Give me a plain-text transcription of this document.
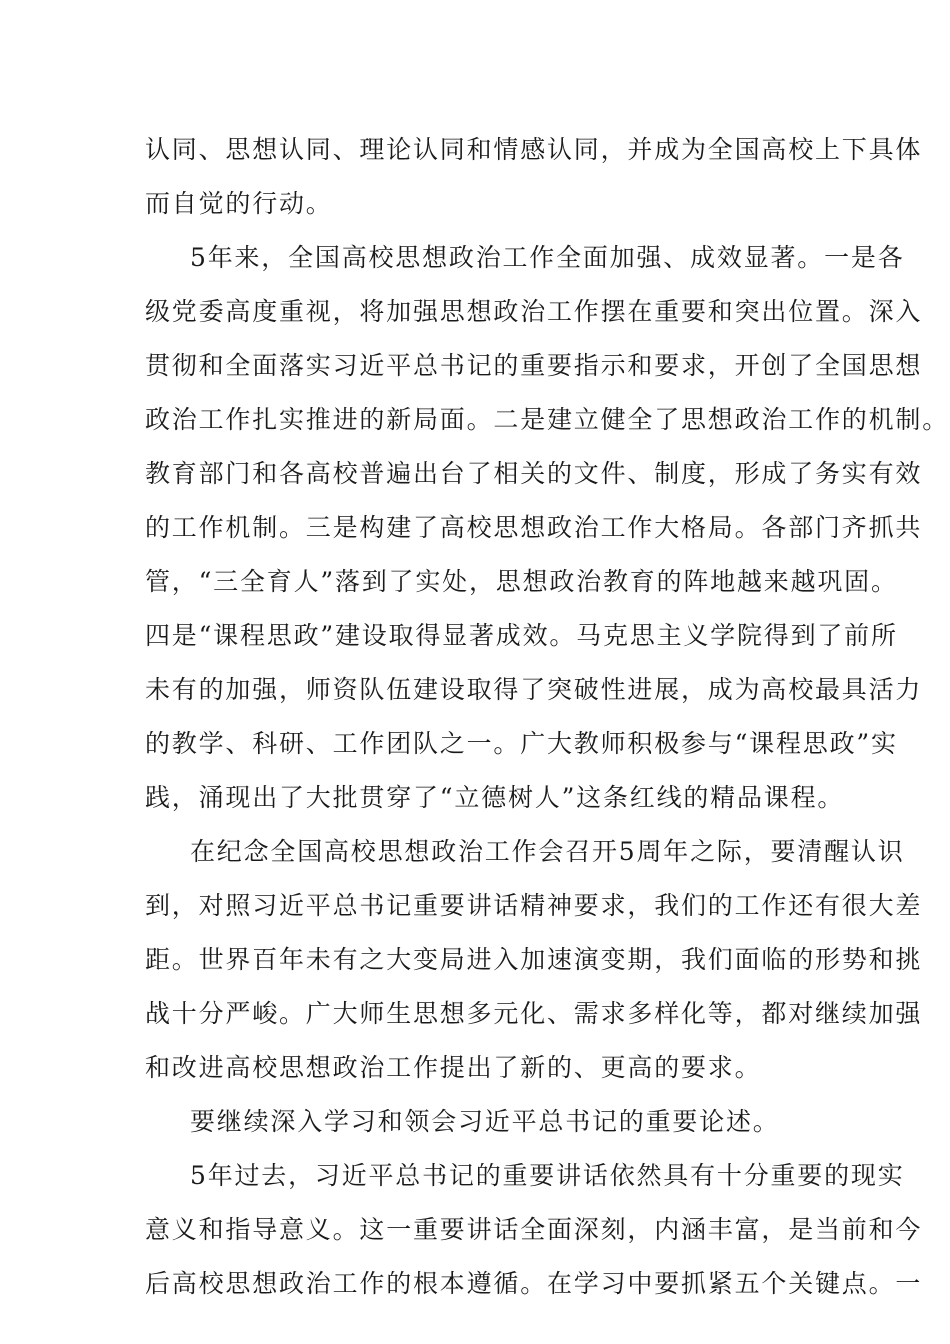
认同、思想认同、理论认同和情感认同，并成为全国高校上下具体
而自觉的行动。
5年来，全国高校思想政治工作全面加强、成效显著。一是各
级党委高度重视，将加强思想政治工作摆在重要和突出位置。深入
贯彻和全面落实习近平总书记的重要指示和要求，开创了全国思想
政治工作扎实推进的新局面。二是建立健全了思想政治工作的机制。
教育部门和各高校普遍出台了相关的文件、制度，形成了务实有效
的工作机制。三是构建了高校思想政治工作大格局。各部门齐抓共
管，“三全育人”落到了实处，思想政治教育的阵地越来越巩固。
四是“课程思政”建设取得显著成效。马克思主义学院得到了前所
未有的加强，师资队伍建设取得了突破性进展，成为高校最具活力
的教学、科研、工作团队之一。广大教师积极参与“课程思政”实
践，涌现出了大批贯穿了“立德树人”这条红线的精品课程。
在纪念全国高校思想政治工作会召开5周年之际，要清醒认识
到，对照习近平总书记重要讲话精神要求，我们的工作还有很大差
距。世界百年未有之大变局进入加速演变期，我们面临的形势和挑
战十分严峻。广大师生思想多元化、需求多样化等，都对继续加强
和改进高校思想政治工作提出了新的、更高的要求。
要继续深入学习和领会习近平总书记的重要论述。
5年过去，习近平总书记的重要讲话依然具有十分重要的现实
意义和指导意义。这一重要讲话全面深刻，内涵丰富，是当前和今
后高校思想政治工作的根本遵循。在学习中要抓紧五个关键点。一
